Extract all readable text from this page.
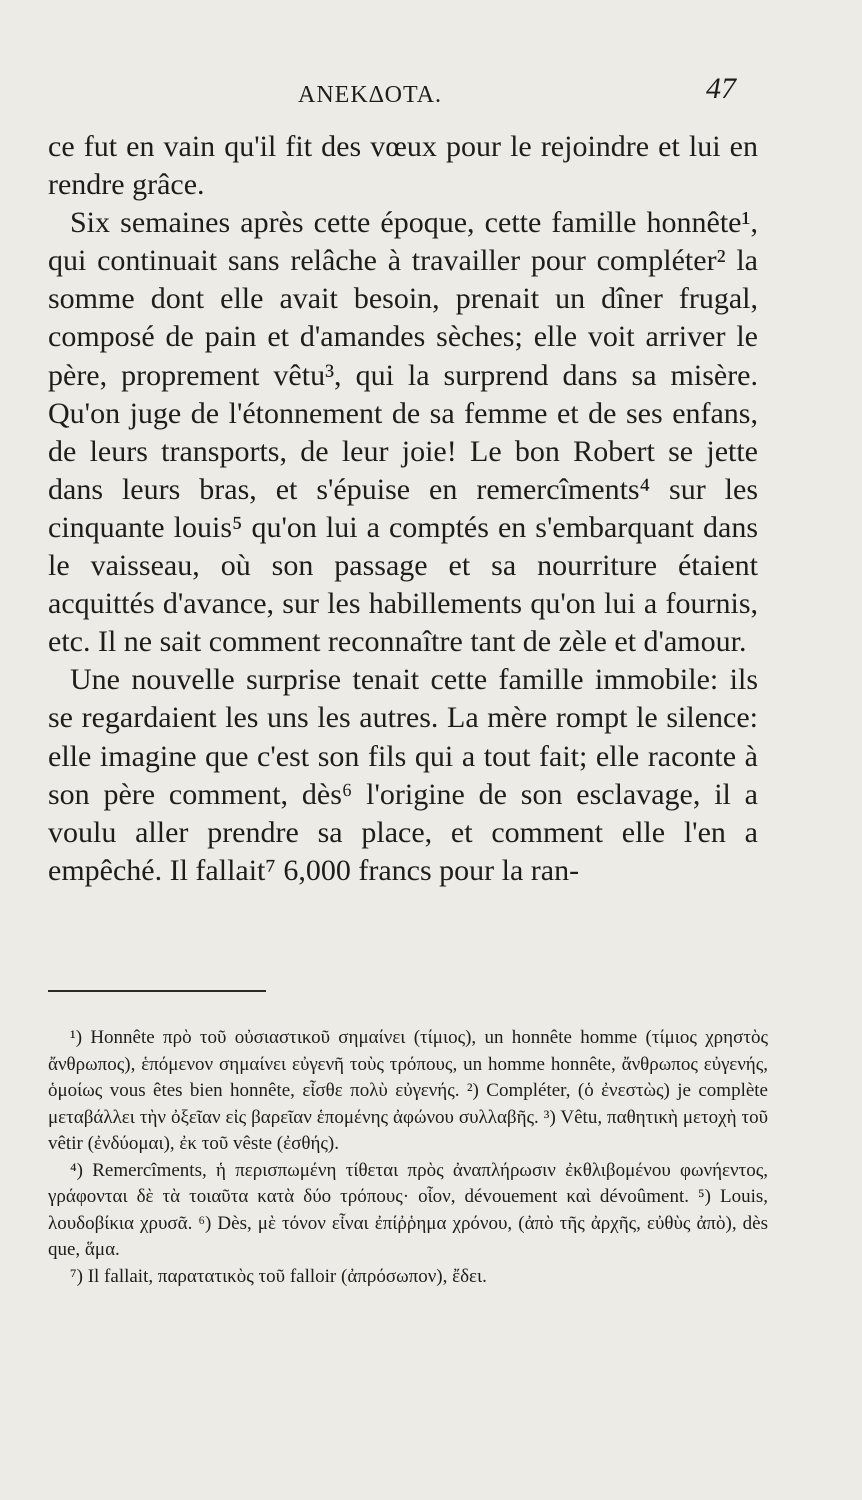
ΑΝΕΚΔΟΤΑ.	47

ce fut en vain qu'il fit des vœux pour le rejoindre et lui en rendre grâce.

Six semaines après cette époque, cette famille honnête¹, qui continuait sans relâche à travailler pour compléter² la somme dont elle avait besoin, prenait un dîner frugal, composé de pain et d'amandes sèches; elle voit arriver le père, proprement vêtu³, qui la surprend dans sa misère. Qu'on juge de l'étonnement de sa femme et de ses enfans, de leurs transports, de leur joie! Le bon Robert se jette dans leurs bras, et s'épuise en remercîments⁴ sur les cinquante louis⁵ qu'on lui a comptés en s'embarquant dans le vaisseau, où son passage et sa nourriture étaient acquittés d'avance, sur les habillements qu'on lui a fournis, etc. Il ne sait comment reconnaître tant de zèle et d'amour.

Une nouvelle surprise tenait cette famille immobile: ils se regardaient les uns les autres. La mère rompt le silence: elle imagine que c'est son fils qui a tout fait; elle raconte à son père comment, dès⁶ l'origine de son esclavage, il a voulu aller prendre sa place, et comment elle l'en a empêché. Il fallait⁷ 6,000 francs pour la ran-

¹) Honnête πρὸ τοῦ οὐσιαστικοῦ σημαίνει (τίμιος), un honnête homme (τίμιος χρηστὸς ἄνθρωπος), ἑπόμενον σημαίνει εὐγενῆ τοὺς τρόπους, un homme honnête, ἄνθρωπος εὐγενής, ὁμοίως vous êtes bien honnête, εἶσθε πολὺ εὐγενής. ²) Compléter, (ὁ ἐνεστὼς) je complète μεταβάλλει τὴν ὀξεῖαν εἰς βαρεῖαν ἑπομένης ἀφώνου συλλαβῆς. ³) Vêtu, παθητικὴ μετοχὴ τοῦ vêtir (ἐνδύομαι), ἐκ τοῦ vêste (ἐσθής).

⁴) Remercîments, ἡ περισπωμένη τίθεται πρὸς ἀναπλήρωσιν ἐκθλιβομένου φωνήεντος, γράφονται δὲ τὰ τοιαῦτα κατὰ δύο τρόπους· οἷον, dévouement καὶ dévoûment. ⁵) Louis, λουδοβίκια χρυσᾶ. ⁶) Dès, μὲ τόνον εἶναι ἐπίῤῥημα χρόνου, (ἀπὸ τῆς ἀρχῆς, εὐθὺς ἀπὸ), dès que, ἅμα.

⁷) Il fallait, παρατατικὸς τοῦ falloir (ἀπρόσωπον), ἔδει.
